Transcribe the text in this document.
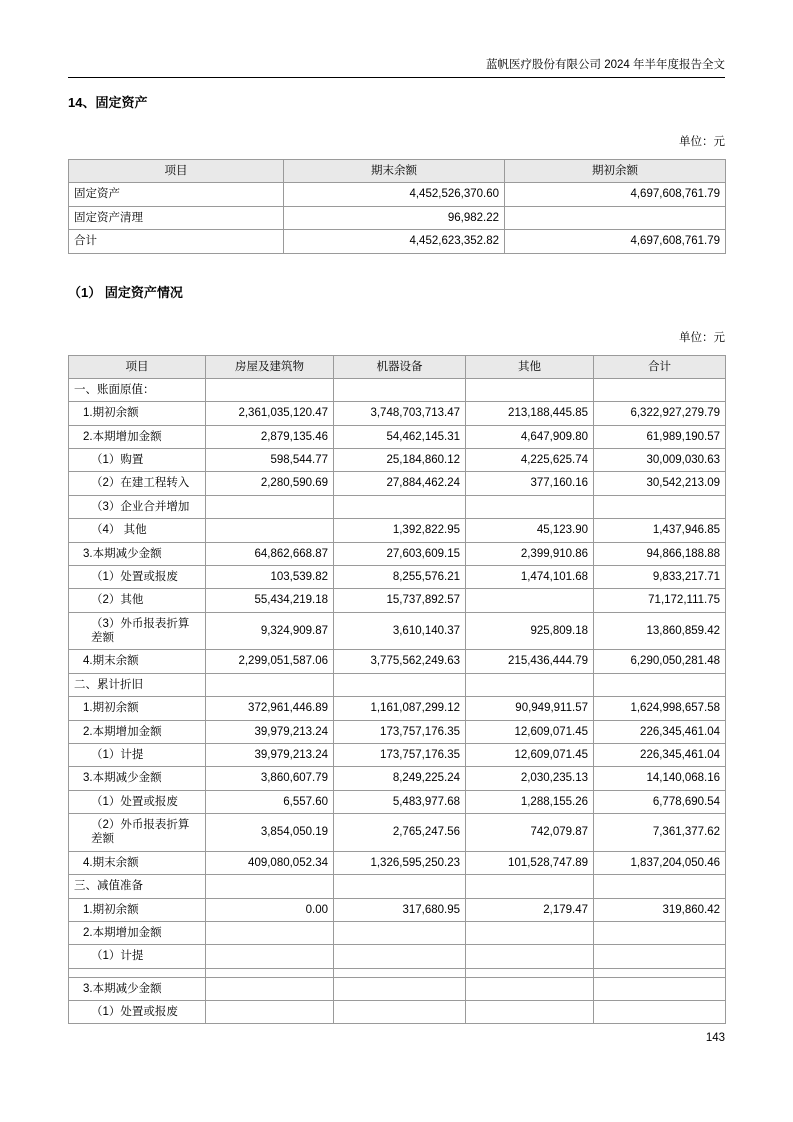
蓝帆医疗股份有限公司 2024 年半年度报告全文
14、固定资产
单位：元
项目	期末余额	期初余额
固定资产	4,452,526,370.60	4,697,608,761.79
固定资产清理	96,982.22	
合计	4,452,623,352.82	4,697,608,761.79
（1） 固定资产情况
单位：元
项目	房屋及建筑物	机器设备	其他	合计
一、账面原值：				
1.期初余额	2,361,035,120.47	3,748,703,713.47	213,188,445.85	6,322,927,279.79
2.本期增加金额	2,879,135.46	54,462,145.31	4,647,909.80	61,989,190.57
（1）购置	598,544.77	25,184,860.12	4,225,625.74	30,009,030.63
（2）在建工程转入	2,280,590.69	27,884,462.24	377,160.16	30,542,213.09
（3）企业合并增加				
（4） 其他		1,392,822.95	45,123.90	1,437,946.85
3.本期减少金额	64,862,668.87	27,603,609.15	2,399,910.86	94,866,188.88
（1）处置或报废	103,539.82	8,255,576.21	1,474,101.68	9,833,217.71
（2）其他	55,434,219.18	15,737,892.57		71,172,111.75
（3）外币报表折算差额	9,324,909.87	3,610,140.37	925,809.18	13,860,859.42
4.期末余额	2,299,051,587.06	3,775,562,249.63	215,436,444.79	6,290,050,281.48
二、累计折旧				
1.期初余额	372,961,446.89	1,161,087,299.12	90,949,911.57	1,624,998,657.58
2.本期增加金额	39,979,213.24	173,757,176.35	12,609,071.45	226,345,461.04
（1）计提	39,979,213.24	173,757,176.35	12,609,071.45	226,345,461.04
3.本期减少金额	3,860,607.79	8,249,225.24	2,030,235.13	14,140,068.16
（1）处置或报废	6,557.60	5,483,977.68	1,288,155.26	6,778,690.54
（2）外币报表折算差额	3,854,050.19	2,765,247.56	742,079.87	7,361,377.62
4.期末余额	409,080,052.34	1,326,595,250.23	101,528,747.89	1,837,204,050.46
三、减值准备				
1.期初余额	0.00	317,680.95	2,179.47	319,860.42
2.本期增加金额				
（1）计提				

3.本期减少金额				
（1）处置或报废				
143
